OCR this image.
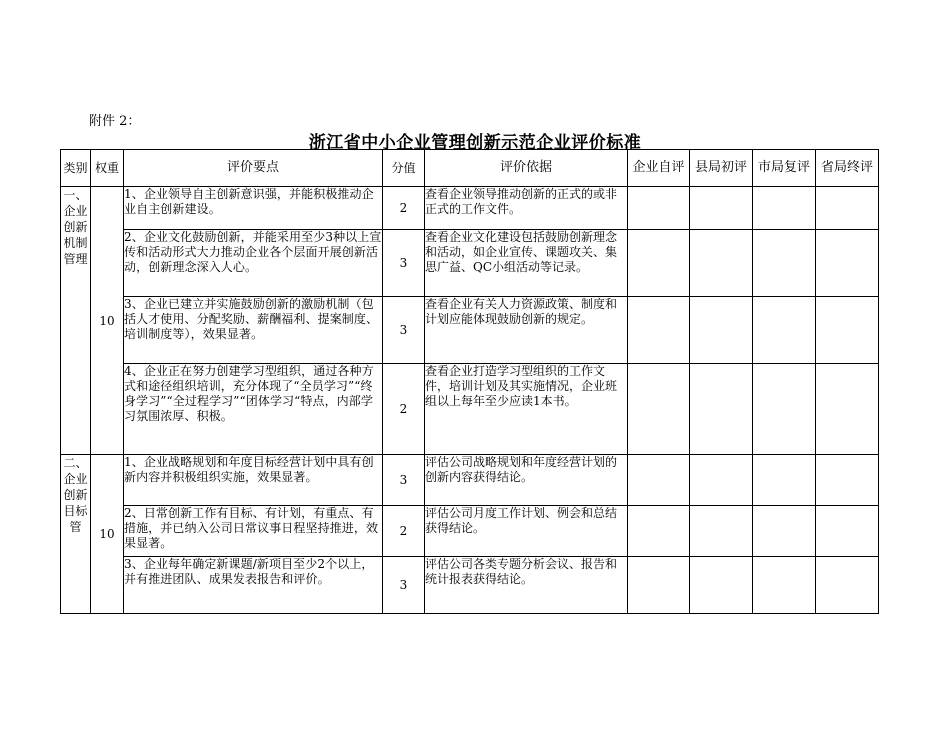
附件 2：
浙江省中小企业管理创新示范企业评价标准
类别	权重	评价要点	分值	评价依据	企业自评	县局初评	市局复评	省局终评
一、企业创新机制管理	10	1、企业领导自主创新意识强，并能积极推动企业自主创新建设。	2	查看企业领导推动创新的正式的或非正式的工作文件。				

		2、企业文化鼓励创新，并能采用至少3种以上宣传和活动形式大力推动企业各个层面开展创新活动，创新理念深入人心。	3	查看企业文化建设包括鼓励创新理念和活动，如企业宣传、课题攻关、集思广益、QC小组活动等记录。				

		3、企业已建立并实施鼓励创新的激励机制（包括人才使用、分配奖励、薪酬福利、提案制度、培训制度等），效果显著。	3	查看企业有关人力资源政策、制度和计划应能体现鼓励创新的规定。				

		4、企业正在努力创建学习型组织，通过各种方式和途径组织培训，充分体现了“全员学习”“终身学习”“全过程学习”“团体学习“特点，内部学习氛围浓厚、积极。	2	查看企业打造学习型组织的工作文件，培训计划及其实施情况，企业班组以上每年至少应读1本书。				

二、企业创新目标管	10	1、企业战略规划和年度目标经营计划中具有创新内容并积极组织实施，效果显著。	3	评估公司战略规划和年度经营计划的创新内容获得结论。				

		2、日常创新工作有目标、有计划，有重点、有措施，并已纳入公司日常议事日程坚持推进，效果显著。	2	评估公司月度工作计划、例会和总结获得结论。				

		3、企业每年确定新课题/新项目至少2个以上，并有推进团队、成果发表报告和评价。	3	评估公司各类专题分析会议、报告和统计报表获得结论。				
